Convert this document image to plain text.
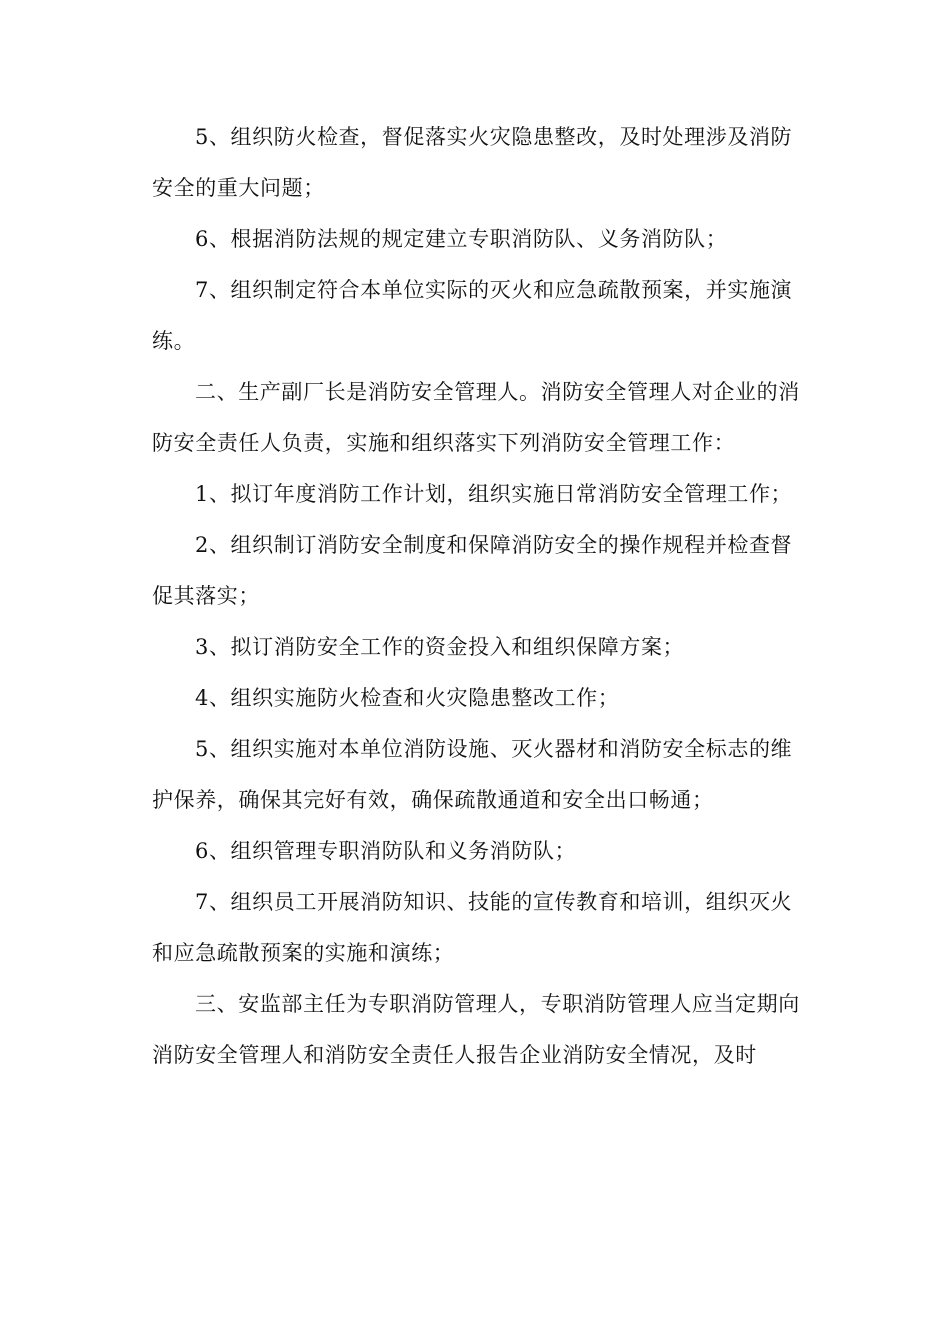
5、组织防火检查，督促落实火灾隐患整改，及时处理涉及消防安全的重大问题；

6、根据消防法规的规定建立专职消防队、义务消防队；

7、组织制定符合本单位实际的灭火和应急疏散预案，并实施演练。

二、生产副厂长是消防安全管理人。消防安全管理人对企业的消防安全责任人负责，实施和组织落实下列消防安全管理工作：

1、拟订年度消防工作计划，组织实施日常消防安全管理工作；

2、组织制订消防安全制度和保障消防安全的操作规程并检查督促其落实；

3、拟订消防安全工作的资金投入和组织保障方案；

4、组织实施防火检查和火灾隐患整改工作；

5、组织实施对本单位消防设施、灭火器材和消防安全标志的维护保养，确保其完好有效，确保疏散通道和安全出口畅通；

6、组织管理专职消防队和义务消防队；

7、组织员工开展消防知识、技能的宣传教育和培训，组织灭火和应急疏散预案的实施和演练；

三、安监部主任为专职消防管理人，专职消防管理人应当定期向消防安全管理人和消防安全责任人报告企业消防安全情况，及时
